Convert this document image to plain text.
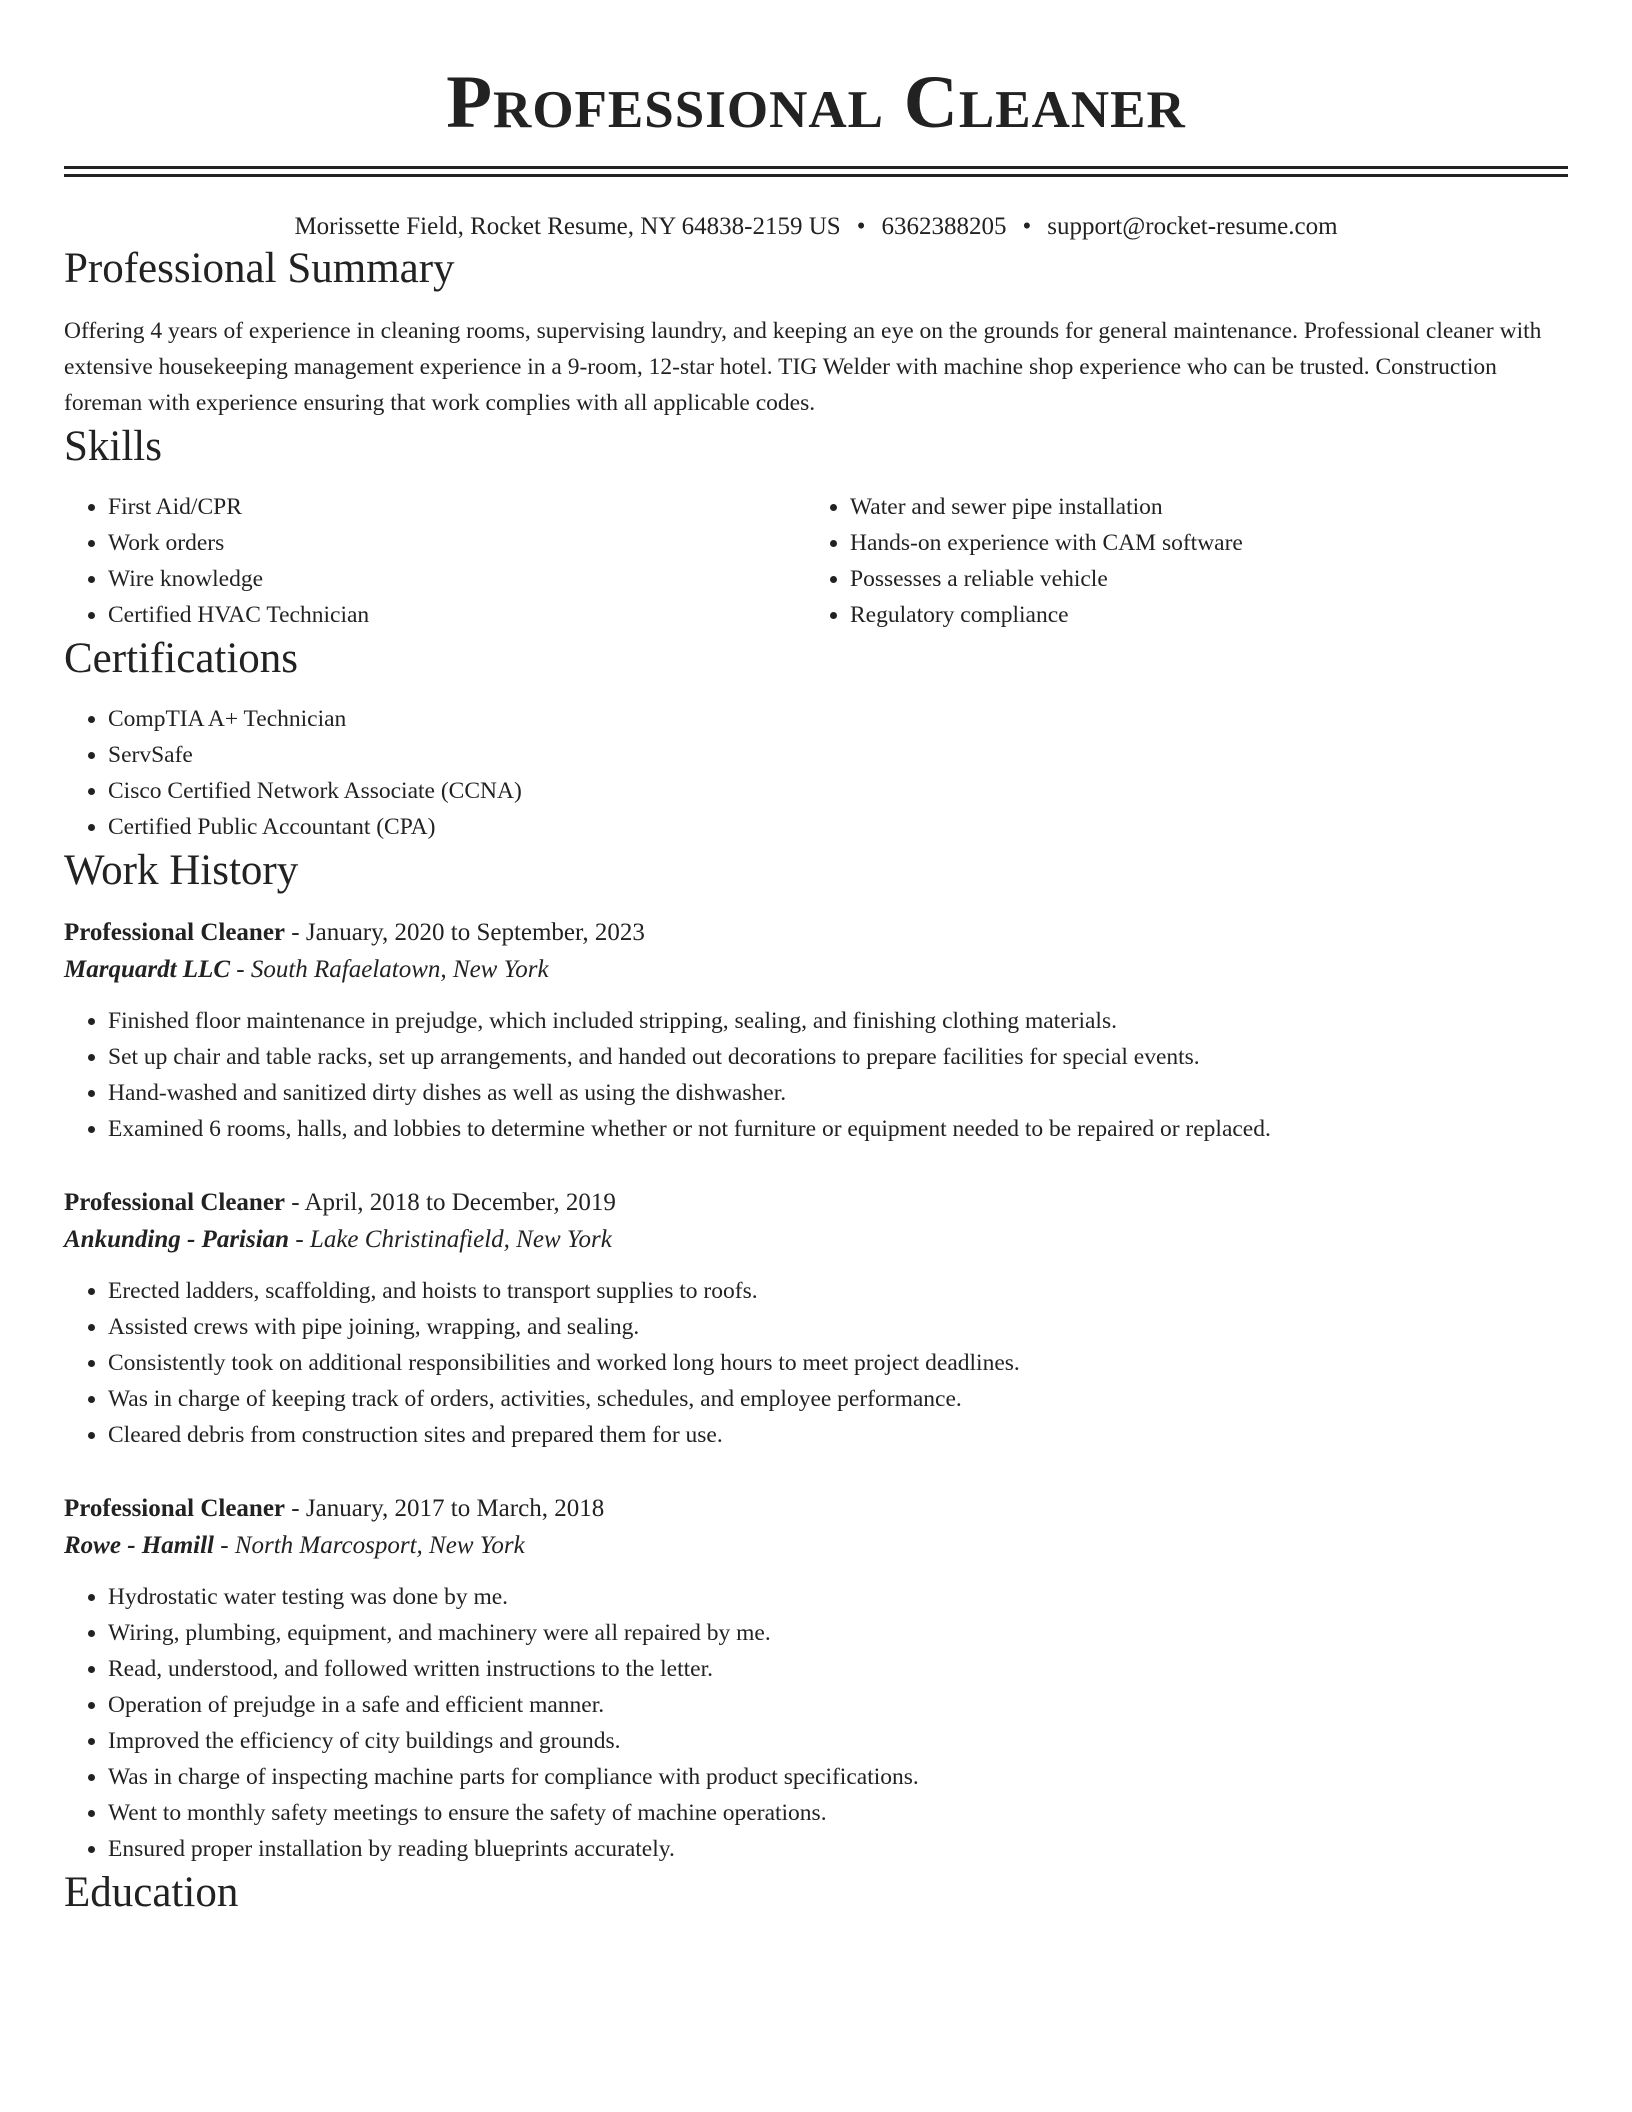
Professional Cleaner
Morissette Field, Rocket Resume, NY 64838-2159 US • 6362388205 • support@rocket-resume.com
Professional Summary

Offering 4 years of experience in cleaning rooms, supervising laundry, and keeping an eye on the grounds for general maintenance. Professional cleaner with extensive housekeeping management experience in a 9-room, 12-star hotel. TIG Welder with machine shop experience who can be trusted. Construction foreman with experience ensuring that work complies with all applicable codes.

Skills
• First Aid/CPR
• Work orders
• Wire knowledge
• Certified HVAC Technician
• Water and sewer pipe installation
• Hands-on experience with CAM software
• Possesses a reliable vehicle
• Regulatory compliance
Certifications
• CompTIA A+ Technician
• ServSafe
• Cisco Certified Network Associate (CCNA)
• Certified Public Accountant (CPA)
Work History
Professional Cleaner - January, 2020 to September, 2023
Marquardt LLC - South Rafaelatown, New York
• Finished floor maintenance in prejudge, which included stripping, sealing, and finishing clothing materials.
• Set up chair and table racks, set up arrangements, and handed out decorations to prepare facilities for special events.
• Hand-washed and sanitized dirty dishes as well as using the dishwasher.
• Examined 6 rooms, halls, and lobbies to determine whether or not furniture or equipment needed to be repaired or replaced.
Professional Cleaner - April, 2018 to December, 2019
Ankunding - Parisian - Lake Christinafield, New York
• Erected ladders, scaffolding, and hoists to transport supplies to roofs.
• Assisted crews with pipe joining, wrapping, and sealing.
• Consistently took on additional responsibilities and worked long hours to meet project deadlines.
• Was in charge of keeping track of orders, activities, schedules, and employee performance.
• Cleared debris from construction sites and prepared them for use.
Professional Cleaner - January, 2017 to March, 2018
Rowe - Hamill - North Marcosport, New York
• Hydrostatic water testing was done by me.
• Wiring, plumbing, equipment, and machinery were all repaired by me.
• Read, understood, and followed written instructions to the letter.
• Operation of prejudge in a safe and efficient manner.
• Improved the efficiency of city buildings and grounds.
• Was in charge of inspecting machine parts for compliance with product specifications.
• Went to monthly safety meetings to ensure the safety of machine operations.
• Ensured proper installation by reading blueprints accurately.
Education
